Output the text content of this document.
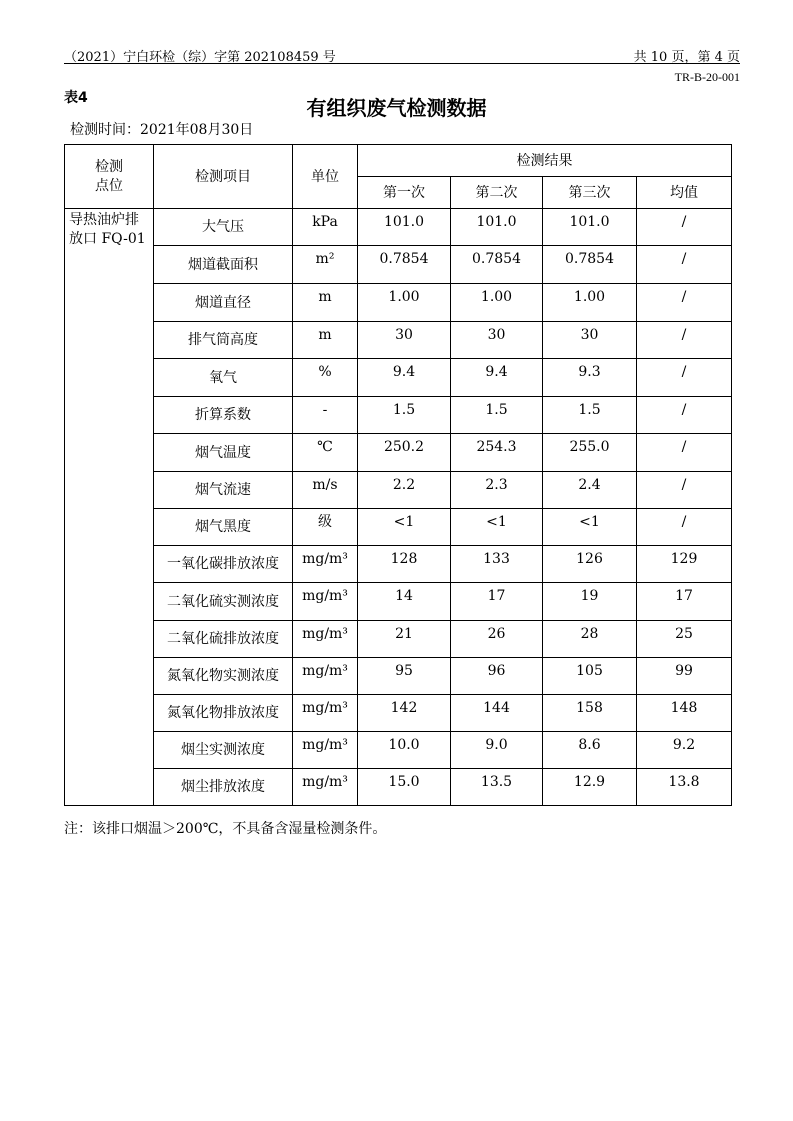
（2021）宁白环检（综）字第 202108459 号	共 10 页，第 4 页
TR-B-20-001
表4	有组织废气检测数据
检测时间：2021年08月30日
检测
点位	检测项目	单位	检测结果			
			第一次	第二次	第三次	均值
导热油炉排放口 FQ-01	大气压	kPa	101.0	101.0	101.0	/
	烟道截面积	m²	0.7854	0.7854	0.7854	/
	烟道直径	m	1.00	1.00	1.00	/
	排气筒高度	m	30	30	30	/
	氧气	%	9.4	9.4	9.3	/
	折算系数	-	1.5	1.5	1.5	/
	烟气温度	℃	250.2	254.3	255.0	/
	烟气流速	m/s	2.2	2.3	2.4	/
	烟气黑度	级	<1	<1	<1	/
	一氧化碳排放浓度	mg/m³	128	133	126	129
	二氧化硫实测浓度	mg/m³	14	17	19	17
	二氧化硫排放浓度	mg/m³	21	26	28	25
	氮氧化物实测浓度	mg/m³	95	96	105	99
	氮氧化物排放浓度	mg/m³	142	144	158	148
	烟尘实测浓度	mg/m³	10.0	9.0	8.6	9.2
	烟尘排放浓度	mg/m³	15.0	13.5	12.9	13.8
注：该排口烟温＞200℃，不具备含湿量检测条件。
